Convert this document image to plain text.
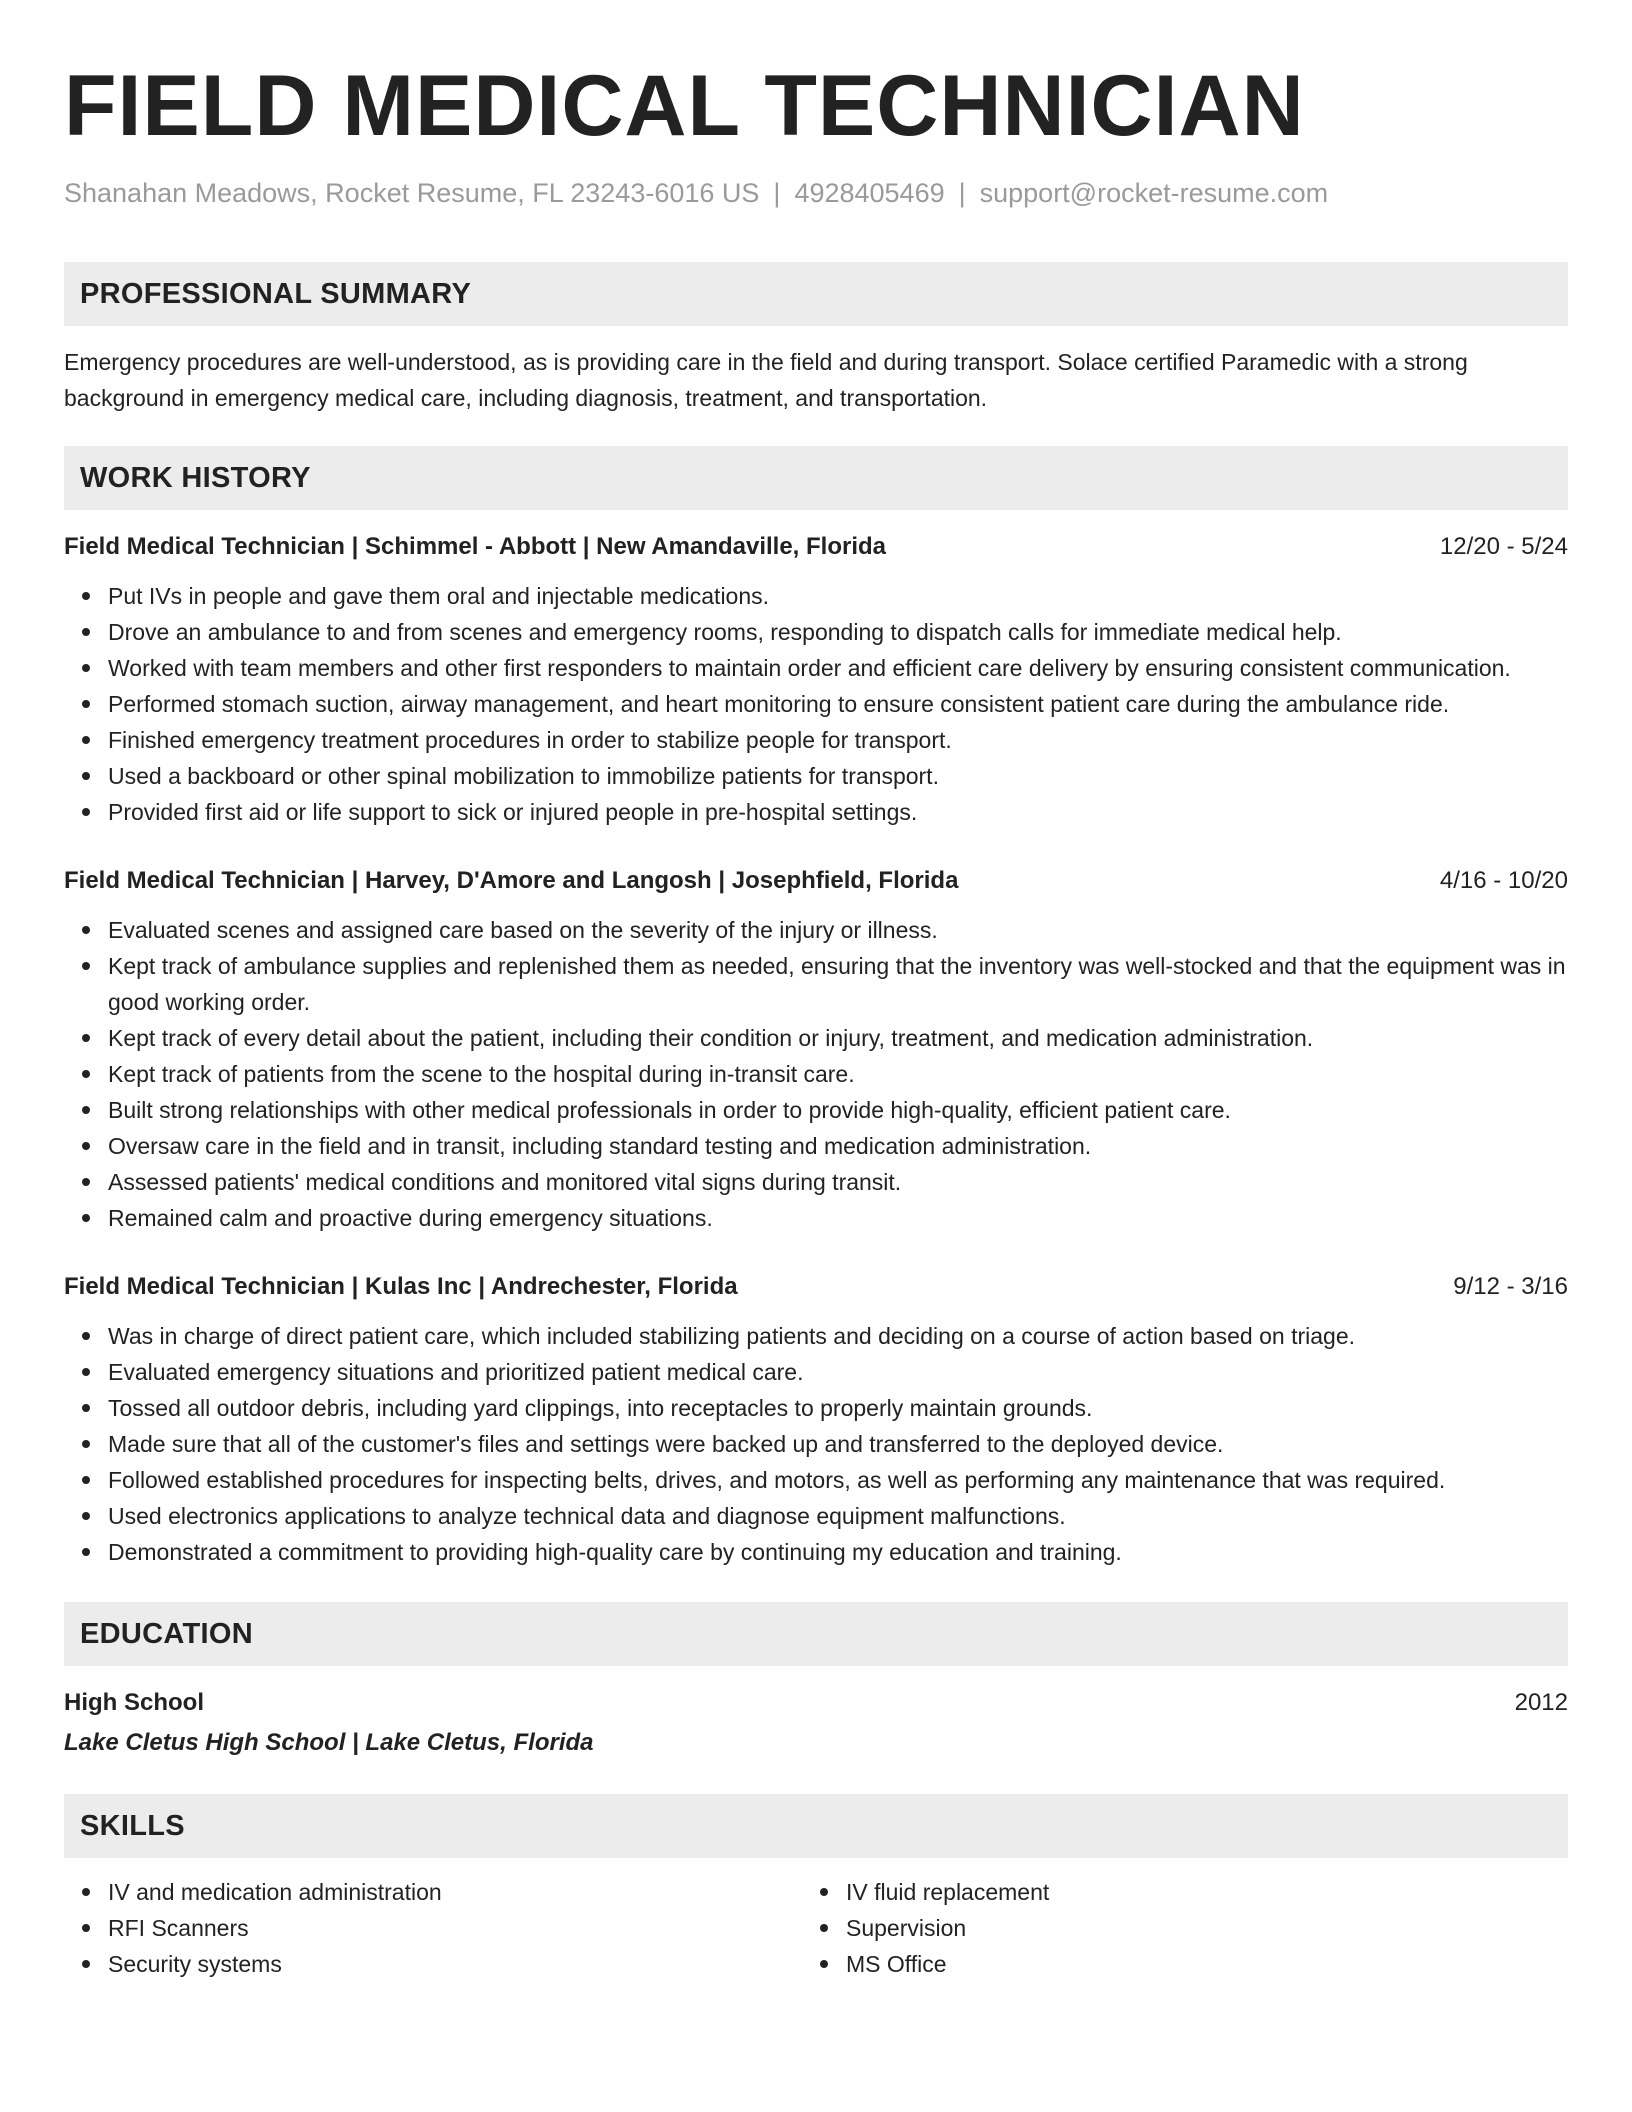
FIELD MEDICAL TECHNICIAN
Shanahan Meadows, Rocket Resume, FL 23243-6016 US | 4928405469 | support@rocket-resume.com
PROFESSIONAL SUMMARY

Emergency procedures are well-understood, as is providing care in the field and during transport. Solace certified Paramedic with a strong background in emergency medical care, including diagnosis, treatment, and transportation.

WORK HISTORY
Field Medical Technician | Schimmel - Abbott | New Amandaville, Florida	12/20 - 5/24
Put IVs in people and gave them oral and injectable medications.
Drove an ambulance to and from scenes and emergency rooms, responding to dispatch calls for immediate medical help.
Worked with team members and other first responders to maintain order and efficient care delivery by ensuring consistent communication.
Performed stomach suction, airway management, and heart monitoring to ensure consistent patient care during the ambulance ride.
Finished emergency treatment procedures in order to stabilize people for transport.
Used a backboard or other spinal mobilization to immobilize patients for transport.
Provided first aid or life support to sick or injured people in pre-hospital settings.
Field Medical Technician | Harvey, D'Amore and Langosh | Josephfield, Florida	4/16 - 10/20
Evaluated scenes and assigned care based on the severity of the injury or illness.
Kept track of ambulance supplies and replenished them as needed, ensuring that the inventory was well-stocked and that the equipment was in good working order.
Kept track of every detail about the patient, including their condition or injury, treatment, and medication administration.
Kept track of patients from the scene to the hospital during in-transit care.
Built strong relationships with other medical professionals in order to provide high-quality, efficient patient care.
Oversaw care in the field and in transit, including standard testing and medication administration.
Assessed patients' medical conditions and monitored vital signs during transit.
Remained calm and proactive during emergency situations.
Field Medical Technician | Kulas Inc | Andrechester, Florida	9/12 - 3/16
Was in charge of direct patient care, which included stabilizing patients and deciding on a course of action based on triage.
Evaluated emergency situations and prioritized patient medical care.
Tossed all outdoor debris, including yard clippings, into receptacles to properly maintain grounds.
Made sure that all of the customer's files and settings were backed up and transferred to the deployed device.
Followed established procedures for inspecting belts, drives, and motors, as well as performing any maintenance that was required.
Used electronics applications to analyze technical data and diagnose equipment malfunctions.
Demonstrated a commitment to providing high-quality care by continuing my education and training.
EDUCATION
High School	2012
Lake Cletus High School | Lake Cletus, Florida
SKILLS
IV and medication administration
RFI Scanners
Security systems
IV fluid replacement
Supervision
MS Office
